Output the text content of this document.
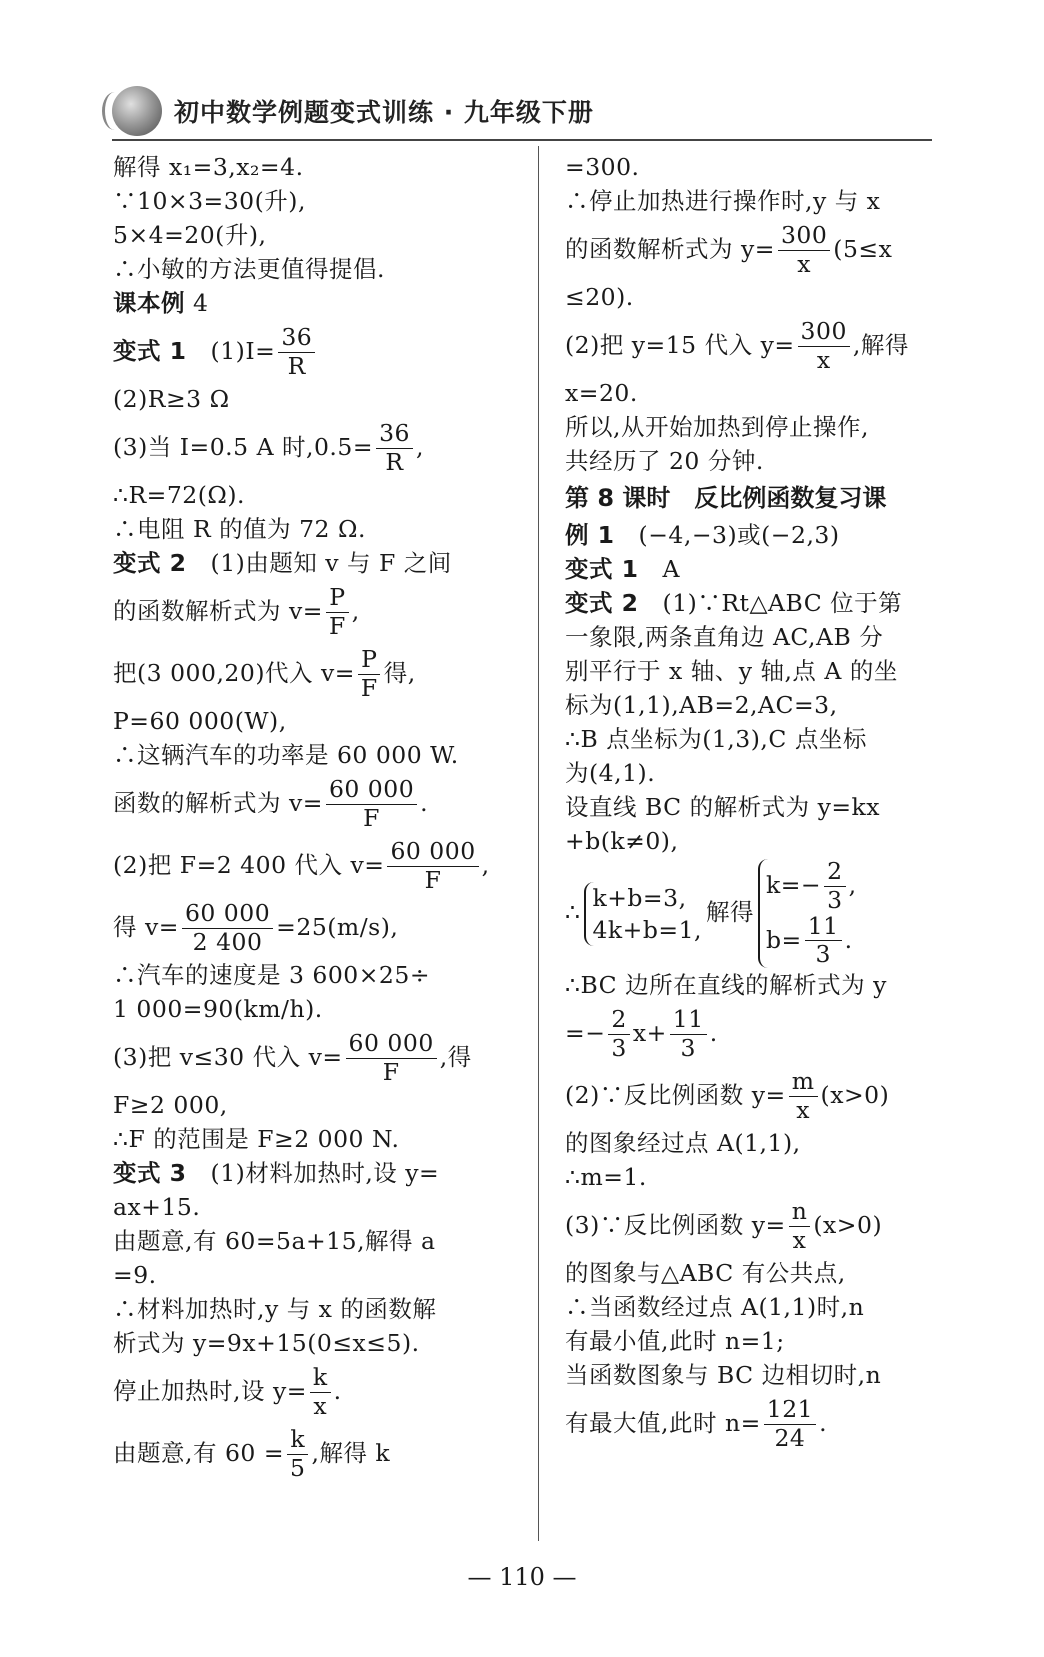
初中数学例题变式训练 · 九年级下册
解得 x₁=3,x₂=4.
∵10×3=30(升),
5×4=20(升),
∴小敏的方法更值得提倡.
课本例 4
变式 1　 $(1)I= \frac{36}{R}$
(2)R≥3 Ω
(3)当 I=0.5 A 时$,0.5= \frac{36}{R}$ ,
∴R=72(Ω).
∴电阻 R 的值为 72 Ω.
变式 2　 (1)由题知 v 与 F 之间
的函数解析式为 $v= \frac{P}{F}$ ,
把(3 000,20)代入 $v= \frac{P}{F}$ 得,
P=60 000(W),
∴这辆汽车的功率是 60 000 W.
函数的解析式为 $v= \frac{60 000}{F}$ .
(2)把 F=2 400 代入 $v= \frac{60 000}{F}$ ,
得 $v= \frac{60 000}{2 400} =25(m/s)$,
∴汽车的速度是 3 600×25÷
1 000=90(km/h).
(3)把 v≤30 代入 $v= \frac{60 000}{F}$ ,得
F≥2 000,
∴F 的范围是 F≥2 000 N.
变式 3　 (1)材料加热时,设 y=
ax+15.
由题意,有 60=5a+15,解得 a
=9.
∴材料加热时,y 与 x 的函数解
析式为 y=9x+15(0≤x≤5).
停止加热时,设 $y= \frac{k}{x}$ .
由题意,有 $60 = \frac{k}{5}$ ,解得 k
=300.
∴停止加热进行操作时,y 与 x
的函数解析式为 $y= \frac{300}{x} (5\le x$
≤20).
(2)把 y=15 代入 $y= \frac{300}{x}$ ,解得
x=20.
所以,从开始加热到停止操作,
共经历了 20 分钟.
第 8 课时　反比例函数复习课
例 1　 (−4,−3)或(−2,3)
变式 1　 A
变式 2　 (1)∵Rt△ABC 位于第
一象限,两条直角边 AC,AB 分
别平行于 x 轴、y 轴,点 A 的坐
标为(1,1),AB=2,AC=3,
∴B 点坐标为(1,3),C 点坐标
为(4,1).
设直线 BC 的解析式为 y=kx
+b(k≠0),
∴
k+b=3,
4k+b=1,
解得
$k=- \frac{2}{3}$ ,
$b= \frac{11}{3}$ .
∴BC 边所在直线的解析式为 y
=− $\frac{2}{3} x+ \frac{11}{3}$ .
(2)∵反比例函数 $y= \frac{m}{x} (x>0)$
的图象经过点 A(1,1),
∴m=1.
(3)∵反比例函数 $y= \frac{n}{x} (x>0)$
的图象与△ABC 有公共点,
∴当函数经过点 A(1,1)时,n
有最小值,此时 n=1;
当函数图象与 BC 边相切时,n
有最大值,此时 $n= \frac{121}{24}$ .
— 110 —
